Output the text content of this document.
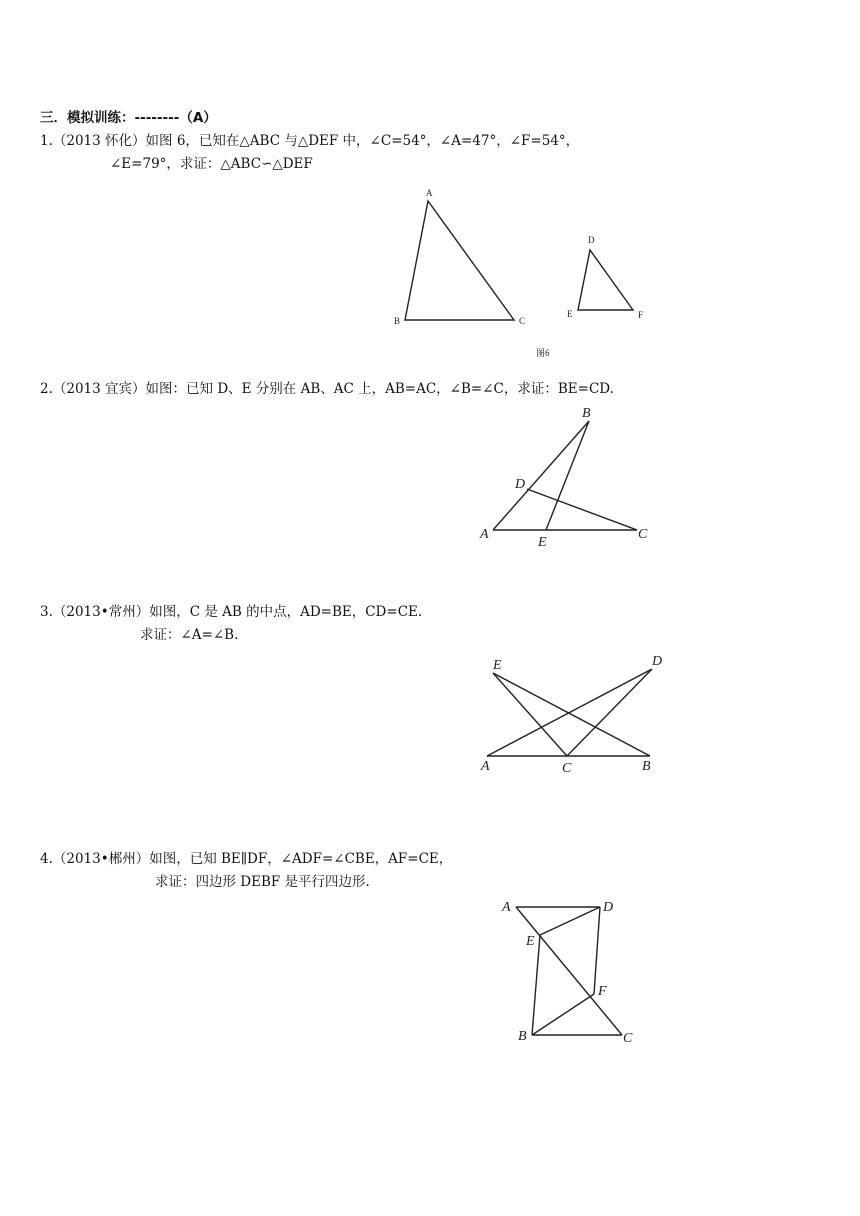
三．模拟训练：--------（A）
1.（2013 怀化）如图 6，已知在△ABC 与△DEF 中，∠C=54°，∠A=47°，∠F=54°，
∠E=79°，求证：△ABC∽△DEF
A
B	C
D
E	F
图6
2.（2013 宜宾）如图：已知 D、E 分别在 AB、AC 上，AB=AC，∠B=∠C，求证：BE=CD.
B
D
A
E
C
3.（2013•常州）如图，C 是 AB 的中点，AD=BE，CD=CE.
求证：∠A=∠B.
E	D
A	C	B
4.（2013•郴州）如图，已知 BE∥DF，∠ADF=∠CBE，AF=CE，
求证：四边形 DEBF 是平行四边形.
A	D
E
F
B	C
